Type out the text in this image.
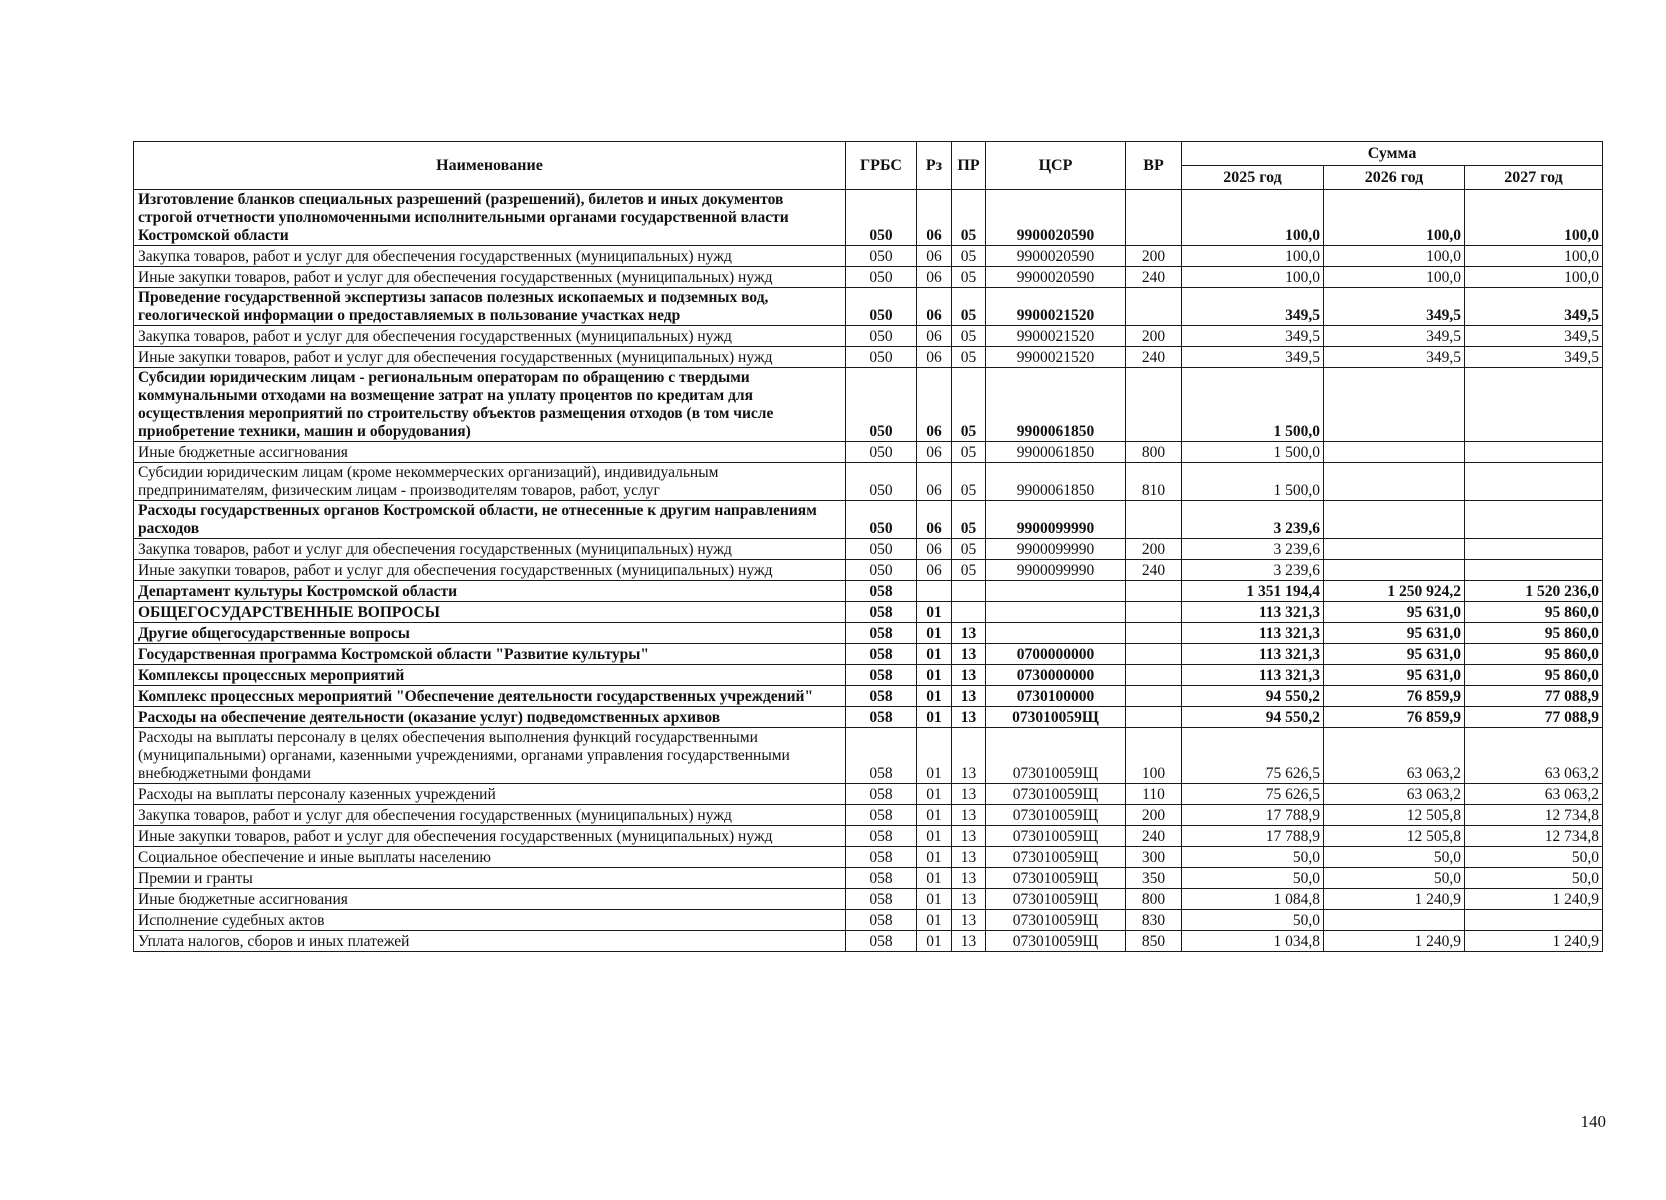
Наименование	ГРБС	Рз	ПР	ЦСР	ВР	Сумма		
						2025 год	2026 год	2027 год
Изготовление бланков специальных разрешений (разрешений), билетов и иных документов строгой отчетности уполномоченными исполнительными органами государственной власти Костромской области	050	06	05	9900020590		100,0	100,0	100,0
Закупка товаров, работ и услуг для обеспечения государственных (муниципальных) нужд	050	06	05	9900020590	200	100,0	100,0	100,0
Иные закупки товаров, работ и услуг для обеспечения государственных (муниципальных) нужд	050	06	05	9900020590	240	100,0	100,0	100,0
Проведение государственной экспертизы запасов полезных ископаемых и подземных вод, геологической информации о предоставляемых в пользование участках недр	050	06	05	9900021520		349,5	349,5	349,5
Закупка товаров, работ и услуг для обеспечения государственных (муниципальных) нужд	050	06	05	9900021520	200	349,5	349,5	349,5
Иные закупки товаров, работ и услуг для обеспечения государственных (муниципальных) нужд	050	06	05	9900021520	240	349,5	349,5	349,5
Субсидии юридическим лицам - региональным операторам по обращению с твердыми коммунальными отходами на возмещение затрат на уплату процентов по кредитам для осуществления мероприятий по строительству объектов размещения отходов (в том числе приобретение техники, машин и оборудования)	050	06	05	9900061850		1 500,0		
Иные бюджетные ассигнования	050	06	05	9900061850	800	1 500,0		
Субсидии юридическим лицам (кроме некоммерческих организаций), индивидуальным предпринимателям, физическим лицам - производителям товаров, работ, услуг	050	06	05	9900061850	810	1 500,0		
Расходы государственных органов Костромской области, не отнесенные к другим направлениям расходов	050	06	05	9900099990		3 239,6		
Закупка товаров, работ и услуг для обеспечения государственных (муниципальных) нужд	050	06	05	9900099990	200	3 239,6		
Иные закупки товаров, работ и услуг для обеспечения государственных (муниципальных) нужд	050	06	05	9900099990	240	3 239,6		
Департамент культуры Костромской области	058					1 351 194,4	1 250 924,2	1 520 236,0
ОБЩЕГОСУДАРСТВЕННЫЕ ВОПРОСЫ	058	01				113 321,3	95 631,0	95 860,0
Другие общегосударственные вопросы	058	01	13			113 321,3	95 631,0	95 860,0
Государственная программа Костромской области "Развитие культуры"	058	01	13	0700000000		113 321,3	95 631,0	95 860,0
Комплексы процессных мероприятий	058	01	13	0730000000		113 321,3	95 631,0	95 860,0
Комплекс процессных мероприятий "Обеспечение деятельности государственных учреждений"	058	01	13	0730100000		94 550,2	76 859,9	77 088,9
Расходы на обеспечение деятельности (оказание услуг) подведомственных архивов	058	01	13	073010059Щ		94 550,2	76 859,9	77 088,9
Расходы на выплаты персоналу в целях обеспечения выполнения функций государственными (муниципальными) органами, казенными учреждениями, органами управления государственными внебюджетными фондами	058	01	13	073010059Щ	100	75 626,5	63 063,2	63 063,2
Расходы на выплаты персоналу казенных учреждений	058	01	13	073010059Щ	110	75 626,5	63 063,2	63 063,2
Закупка товаров, работ и услуг для обеспечения государственных (муниципальных) нужд	058	01	13	073010059Щ	200	17 788,9	12 505,8	12 734,8
Иные закупки товаров, работ и услуг для обеспечения государственных (муниципальных) нужд	058	01	13	073010059Щ	240	17 788,9	12 505,8	12 734,8
Социальное обеспечение и иные выплаты населению	058	01	13	073010059Щ	300	50,0	50,0	50,0
Премии и гранты	058	01	13	073010059Щ	350	50,0	50,0	50,0
Иные бюджетные ассигнования	058	01	13	073010059Щ	800	1 084,8	1 240,9	1 240,9
Исполнение судебных актов	058	01	13	073010059Щ	830	50,0		
Уплата налогов, сборов и иных платежей	058	01	13	073010059Щ	850	1 034,8	1 240,9	1 240,9
140
